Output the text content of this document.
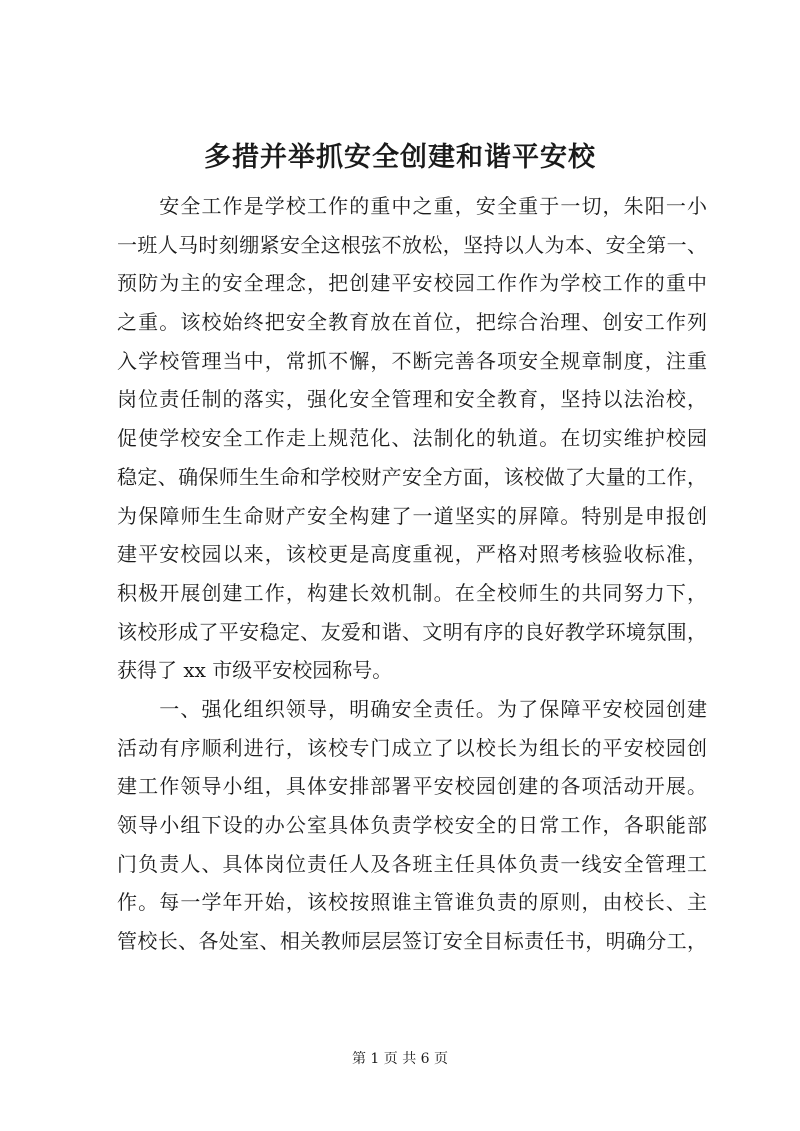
多措并举抓安全创建和谐平安校
　　安全工作是学校工作的重中之重，安全重于一切，朱阳一小
一班人马时刻绷紧安全这根弦不放松，坚持以人为本、安全第一、
预防为主的安全理念，把创建平安校园工作作为学校工作的重中
之重。该校始终把安全教育放在首位，把综合治理、创安工作列
入学校管理当中，常抓不懈，不断完善各项安全规章制度，注重
岗位责任制的落实，强化安全管理和安全教育，坚持以法治校，
促使学校安全工作走上规范化、法制化的轨道。在切实维护校园
稳定、确保师生生命和学校财产安全方面，该校做了大量的工作，
为保障师生生命财产安全构建了一道坚实的屏障。特别是申报创
建平安校园以来，该校更是高度重视，严格对照考核验收标准，
积极开展创建工作，构建长效机制。在全校师生的共同努力下，
该校形成了平安稳定、友爱和谐、文明有序的良好教学环境氛围，
获得了 xx 市级平安校园称号。
　　一、强化组织领导，明确安全责任。为了保障平安校园创建
活动有序顺利进行，该校专门成立了以校长为组长的平安校园创
建工作领导小组，具体安排部署平安校园创建的各项活动开展。
领导小组下设的办公室具体负责学校安全的日常工作，各职能部
门负责人、具体岗位责任人及各班主任具体负责一线安全管理工
作。每一学年开始，该校按照谁主管谁负责的原则，由校长、主
管校长、各处室、相关教师层层签订安全目标责任书，明确分工，
第 1 页 共 6 页
